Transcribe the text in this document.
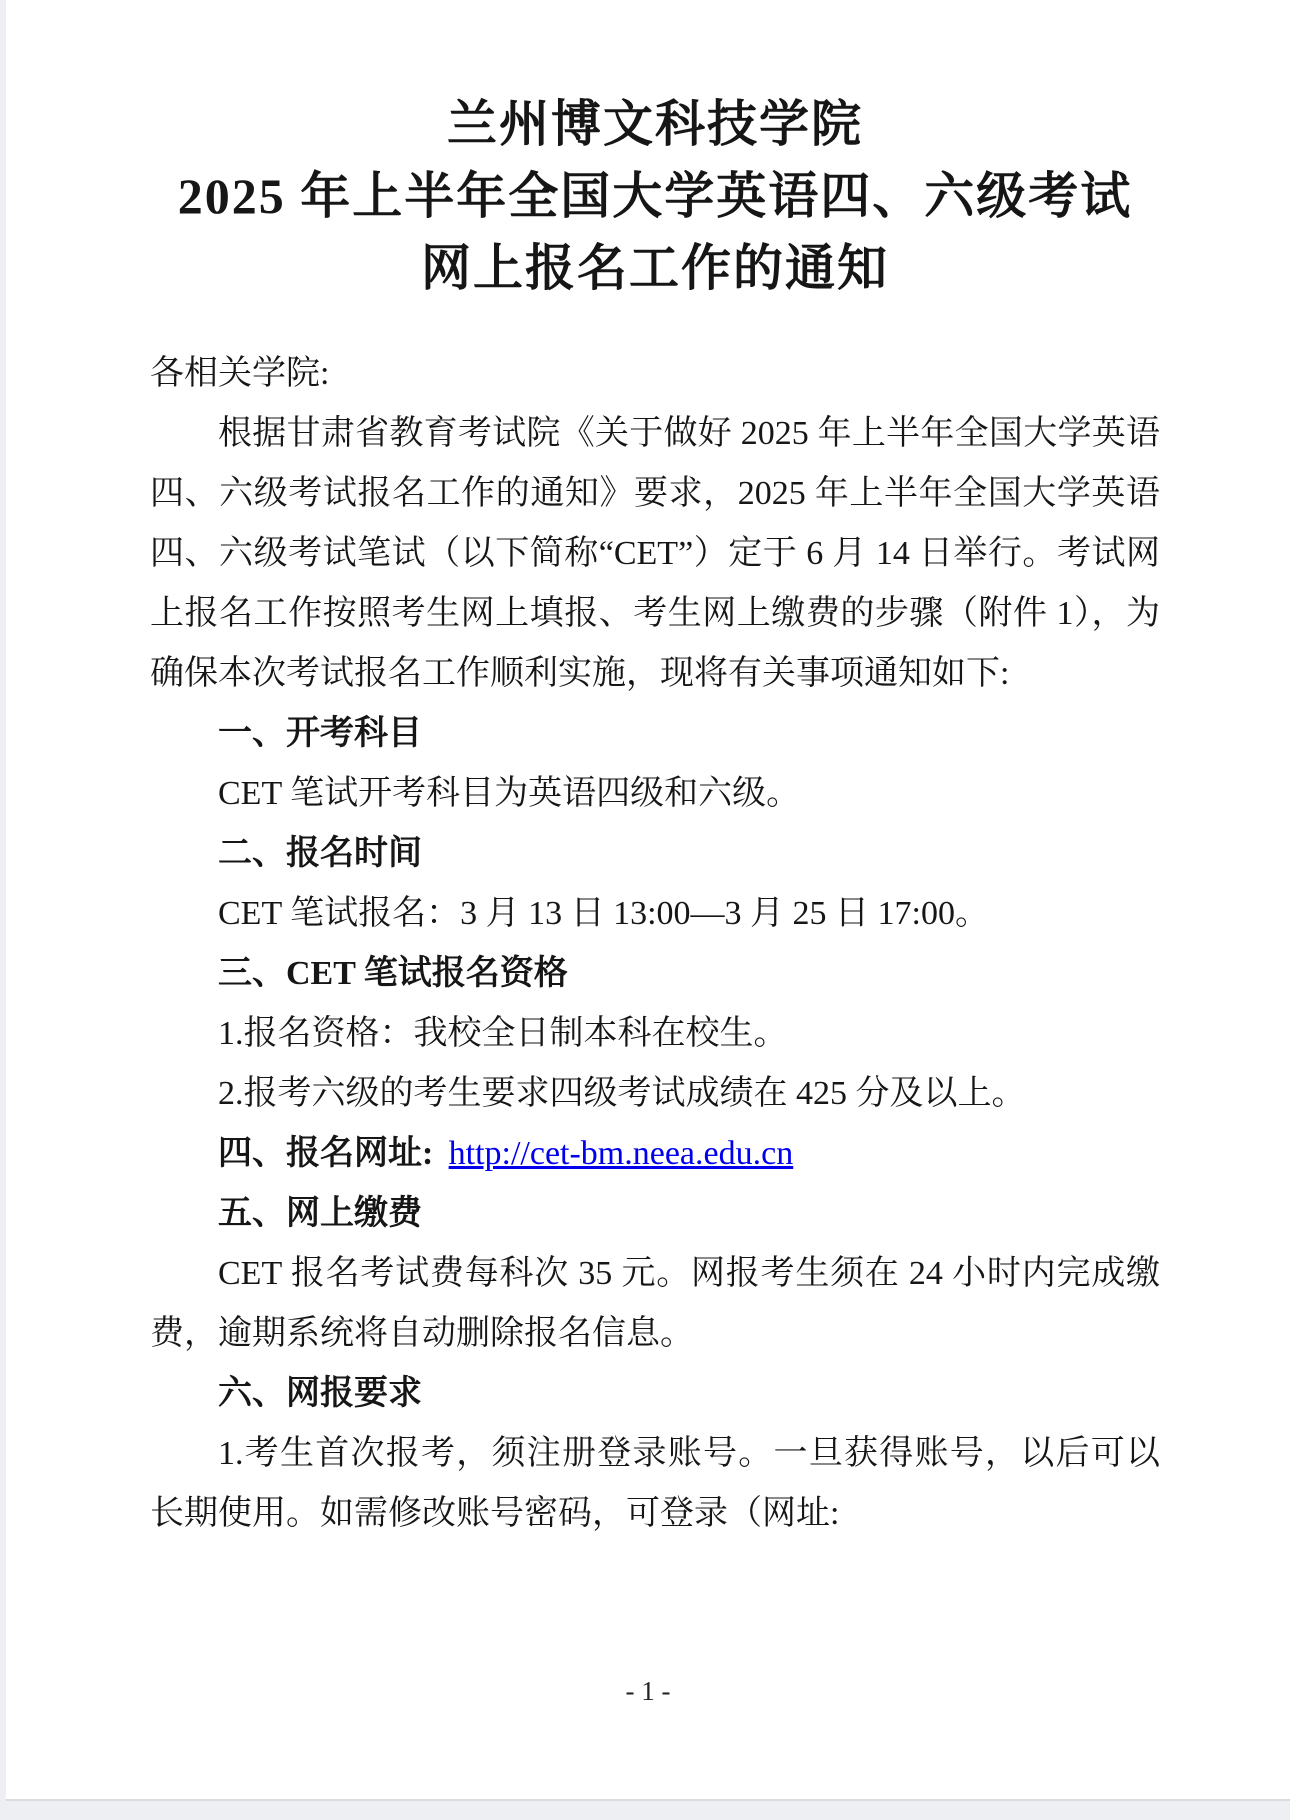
兰州博文科技学院
2025 年上半年全国大学英语四、六级考试
网上报名工作的通知

各相关学院:

根据甘肃省教育考试院《关于做好 2025 年上半年全国大学英语四、六级考试报名工作的通知》要求，2025 年上半年全国大学英语四、六级考试笔试（以下简称“CET”）定于 6 月 14 日举行。考试网上报名工作按照考生网上填报、考生网上缴费的步骤（附件 1），为确保本次考试报名工作顺利实施，现将有关事项通知如下:

一、开考科目

CET 笔试开考科目为英语四级和六级。

二、报名时间

CET 笔试报名：3 月 13 日 13:00—3 月 25 日 17:00。

三、CET 笔试报名资格

1.报名资格：我校全日制本科在校生。

2.报考六级的考生要求四级考试成绩在 425 分及以上。

四、报名网址: http://cet-bm.neea.edu.cn

五、网上缴费

CET 报名考试费每科次 35 元。网报考生须在 24 小时内完成缴费，逾期系统将自动删除报名信息。

六、网报要求

1.考生首次报考，须注册登录账号。一旦获得账号，以后可以长期使用。如需修改账号密码，可登录（网址:

- 1 -
